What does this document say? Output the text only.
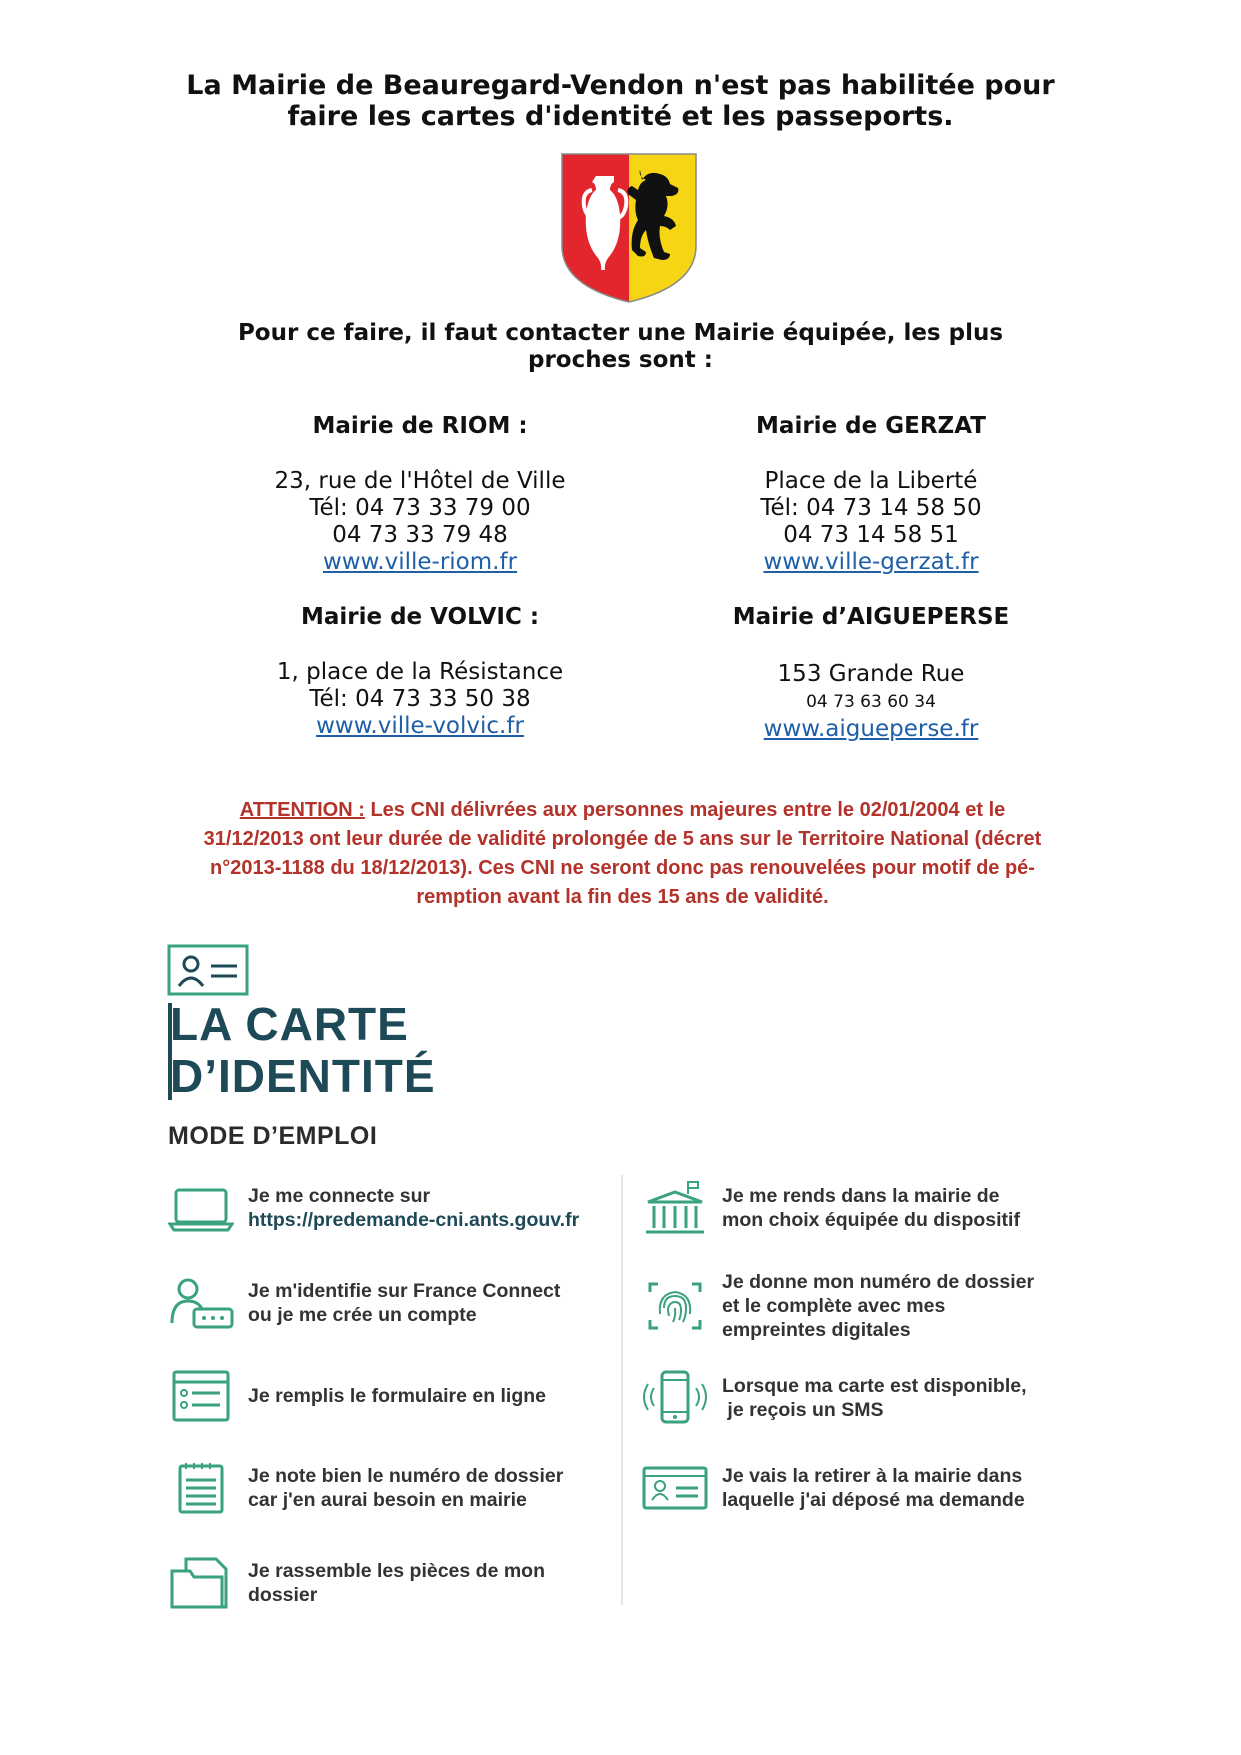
La Mairie de Beauregard-Vendon n'est pas habilitée pour
faire les cartes d'identité et les passeports.
Pour ce faire, il faut contacter une Mairie équipée, les plus
proches sont :
Mairie de RIOM :
23, rue de l'Hôtel de Ville
Tél: 04 73 33 79 00
04 73 33 79 48
www.ville-riom.fr
Mairie de GERZAT
Place de la Liberté
Tél: 04 73 14 58 50
04 73 14 58 51
www.ville-gerzat.fr
Mairie de VOLVIC :
1, place de la Résistance
Tél: 04 73 33 50 38
www.ville-volvic.fr
Mairie d’AIGUEPERSE
153 Grande Rue
04 73 63 60 34
www.aigueperse.fr
ATTENTION : Les CNI délivrées aux personnes majeures entre le 02/01/2004 et le
31/12/2013 ont leur durée de validité prolongée de 5 ans sur le Territoire National (décret
n°2013-1188 du 18/12/2013). Ces CNI ne seront donc pas renouvelées pour motif de pé-
remption avant la fin des 15 ans de validité.
LA CARTE
D’IDENTITÉ
MODE D’EMPLOI
Je me connecte sur
https://predemande-cni.ants.gouv.fr
Je m'identifie sur France Connect
ou je me crée un compte
Je remplis le formulaire en ligne
Je note bien le numéro de dossier
car j'en aurai besoin en mairie
Je rassemble les pièces de mon
dossier
Je me rends dans la mairie de
mon choix équipée du dispositif
Je donne mon numéro de dossier
et le complète avec mes
empreintes digitales
Lorsque ma carte est disponible,
je reçois un SMS
Je vais la retirer à la mairie dans
laquelle j'ai déposé ma demande
